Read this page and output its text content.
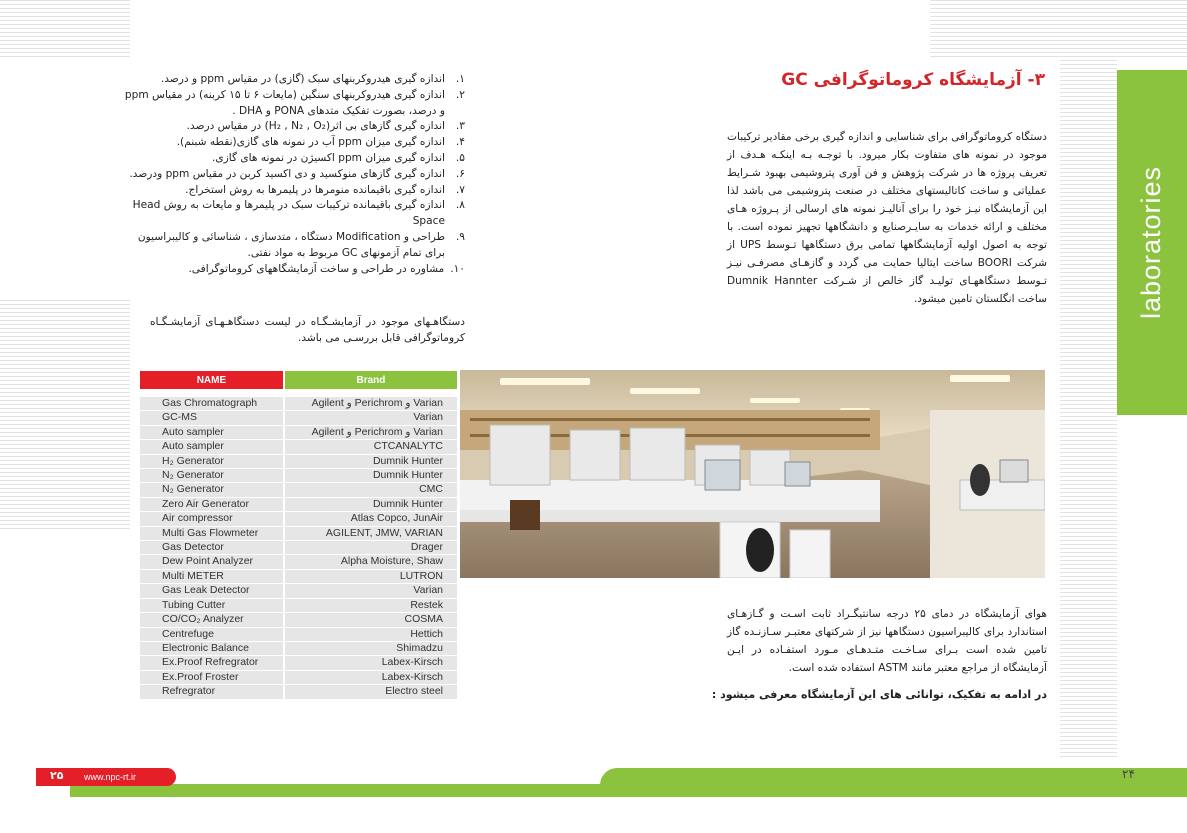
laboratories
۳- آزمایشگاه کروماتوگرافی GC

دستگاه کروماتوگرافی برای شناسایی و اندازه گیری برخی مقادیر ترکیبات موجود در نمونه های متفاوت بکار میرود. با توجـه بـه اینکـه هـدف از تعریف پروژه ها در شرکت پژوهش و فن آوری پتروشیمی بهبود شـرایط عملیاتی و ساخت کاتالیستهای مختلف در صنعت پتروشیمی می باشد لذا این آزمایشگاه نیـز خود را برای آنالیـز نمونه های ارسالی از پـروژه هـای مختلف و ارائه خدمات به سایـرصنایع و دانشگاهها تجهیز نموده است. با توجه به اصول اولیه آزمایشگاهها تمامی برق دستگاهها تـوسط UPS از شرکت BOORI ساخت ایتالیا حمایت می گردد و گازهـای مصرفـی نیـز تـوسط دستگاههـای تولیـد گاز خالص از شـرکت Dumnik Hannter ساخت انگلستان تامین میشود.

هوای آزمایشگاه در دمای ۲۵ درجه سانتیگـراد ثابت اسـت و گـازهـای استاندارد برای کالیبراسیون دستگاهها نیز از شرکتهای معتبـر سـازنـده گاز تامین شده است بـرای سـاخـت متـدهـای مـورد استفـاده در ایـن آزمایشگاه از مراجع معتبر مانند ASTM استفاده شده است.

در ادامه به تفکیک، توانائی های این آزمایشگاه معرفی میشود :

۱.
اندازه گیری هیدروکربنهای سبک (گازی) در مقیاس ppm و درصد.
۲.
اندازه گیری هیدروکربنهای سنگین (مایعات ۶ تا ۱۵ کربنه) در مقیاس ppm و درصد، بصورت تفکیک متدهای PONA و DHA .
۳.
اندازه گیری گازهای بی اثر(H₂ , N₂ , O₂) در مقیاس درصد.
۴.
اندازه گیری میزان ppm آب در نمونه های گازی(نقطه شبنم).
۵.
اندازه گیری میزان ppm اکسیژن در نمونه های گازی.
۶.
اندازه گیری گازهای منوکسید و دی اکسید کربن در مقیاس ppm ودرصد.
۷.
اندازه گیری باقیمانده منومرها در پلیمرها به روش استخراج.
۸.
اندازه گیری باقیمانده ترکیبات سبک در پلیمرها و مایعات به روش Head Space
۹.
طراحی و Modification دستگاه ، متدسازی ، شناسائی و کالیبراسیون برای تمام آزمونهای GC مربوط به مواد نفتی.
۱۰.
مشاوره در طراحی و ساخت آزمایشگاههای کروماتوگرافی.

دستگاهـهای موجود در آزمایشـگـاه در لیست دستگاهـهـای آزمایشـگـاه کروماتوگرافی قابل بررسـی می باشد.

NAME	Brand

Gas Chromatograph	Agilent و Perichrom و Varian
GC-MS	Varian
Auto sampler	Agilent و Perichrom و Varian
Auto sampler	CTCANALYTC
H₂ Generator	Dumnik Hunter
N₂ Generator	Dumnik Hunter
N₂ Generator	CMC
Zero Air Generator	Dumnik Hunter
Air compressor	Atlas Copco, JunAir
Multi Gas Flowmeter	AGILENT, JMW, VARIAN
Gas Detector	Drager
Dew Point Analyzer	Alpha Moisture, Shaw
Multi METER	LUTRON
Gas Leak Detector	Varian
Tubing Cutter	Restek
CO/CO₂ Analyzer	COSMA
Centrefuge	Hettich
Electronic Balance	Shimadzu
Ex.Proof Refregrator	Labex-Kirsch
Ex.Proof Froster	Labex-Kirsch
Refregrator	Electro steel
www.npc-rt.ir
۲۵	۲۴
